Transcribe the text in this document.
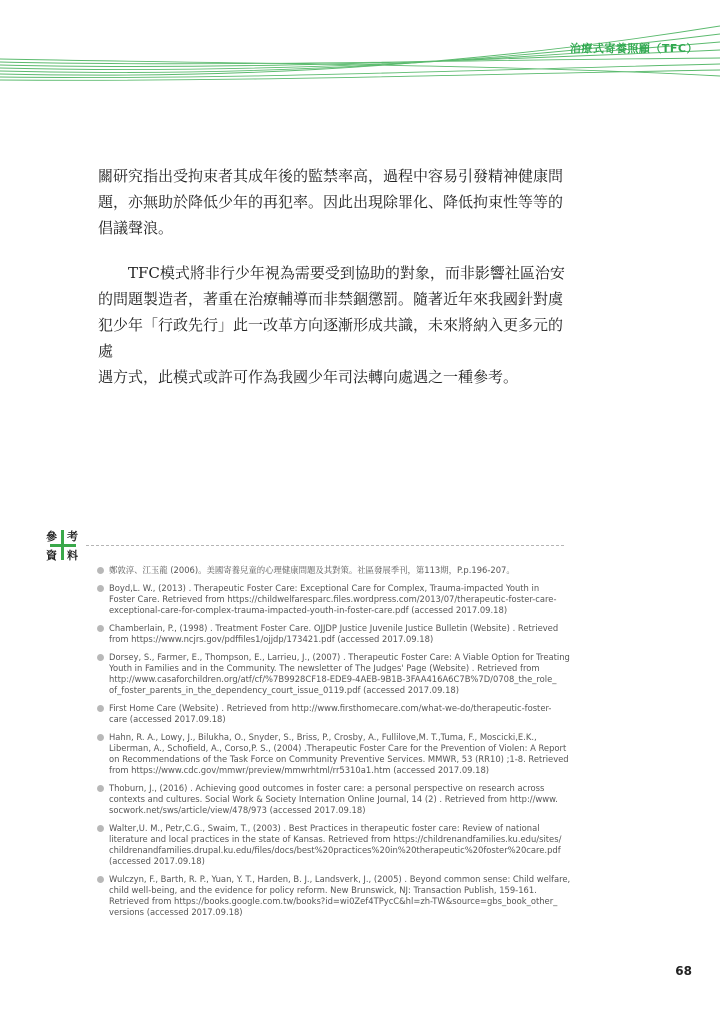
治療式寄養照顧（TFC）
關研究指出受拘束者其成年後的監禁率高，過程中容易引發精神健康問題，亦無助於降低少年的再犯率。因此出現除罪化、降低拘束性等等的倡議聲浪。
TFC模式將非行少年視為需要受到協助的對象，而非影響社區治安
的問題製造者，著重在治療輔導而非禁錮懲罰。隨著近年來我國針對虞
犯少年「行政先行」此一改革方向逐漸形成共識，未來將納入更多元的處
遇方式，此模式或許可作為我國少年司法轉向處遇之一種參考。
參 考
資 料
鄭敦淳、江玉龍 (2006)。美國寄養兒童的心理健康問題及其對策。社區發展季刊，第113期，P.p.196-207。
Boyd,L. W., (2013) . Therapeutic Foster Care: Exceptional Care for Complex, Trauma-impacted Youth in
Foster Care. Retrieved from https://childwelfaresparc.files.wordpress.com/2013/07/therapeutic-foster-care-
exceptional-care-for-complex-trauma-impacted-youth-in-foster-care.pdf (accessed 2017.09.18)
Chamberlain, P., (1998) . Treatment Foster Care. OJJDP Justice Juvenile Justice Bulletin (Website) . Retrieved
from https://www.ncjrs.gov/pdffiles1/ojjdp/173421.pdf (accessed 2017.09.18)
Dorsey, S., Farmer, E., Thompson, E., Larrieu, J., (2007) . Therapeutic Foster Care: A Viable Option for Treating
Youth in Families and in the Community. The newsletter of The Judges' Page (Website) . Retrieved from
http://www.casaforchildren.org/atf/cf/%7B9928CF18-EDE9-4AEB-9B1B-3FAA416A6C7B%7D/0708_the_role_
of_foster_parents_in_the_dependency_court_issue_0119.pdf (accessed 2017.09.18)
First Home Care (Website) . Retrieved from http://www.firsthomecare.com/what-we-do/therapeutic-foster-
care (accessed 2017.09.18)
Hahn, R. A., Lowy, J., Bilukha, O., Snyder, S., Briss, P., Crosby, A., Fullilove,M. T.,Tuma, F., Moscicki,E.K.,
Liberman, A., Schofield, A., Corso,P. S., (2004) .Therapeutic Foster Care for the Prevention of Violen: A Report
on Recommendations of the Task Force on Community Preventive Services. MMWR, 53 (RR10) ;1-8. Retrieved
from https://www.cdc.gov/mmwr/preview/mmwrhtml/rr5310a1.htm (accessed 2017.09.18)
Thoburn, J., (2016) . Achieving good outcomes in foster care: a personal perspective on research across
contexts and cultures. Social Work & Society Internation Online Journal, 14 (2) . Retrieved from http://www.
socwork.net/sws/article/view/478/973 (accessed 2017.09.18)
Walter,U. M., Petr,C.G., Swaim, T., (2003) . Best Practices in therapeutic foster care: Review of national
literature and local practices in the state of Kansas. Retrieved from https://childrenandfamilies.ku.edu/sites/
childrenandfamilies.drupal.ku.edu/files/docs/best%20practices%20in%20therapeutic%20foster%20care.pdf
(accessed 2017.09.18)
Wulczyn, F., Barth, R. P., Yuan, Y. T., Harden, B. J., Landsverk, J., (2005) . Beyond common sense: Child welfare,
child well-being, and the evidence for policy reform. New Brunswick, NJ: Transaction Publish, 159-161.
Retrieved from https://books.google.com.tw/books?id=wi0Zef4TPycC&hl=zh-TW&source=gbs_book_other_
versions (accessed 2017.09.18)
68
